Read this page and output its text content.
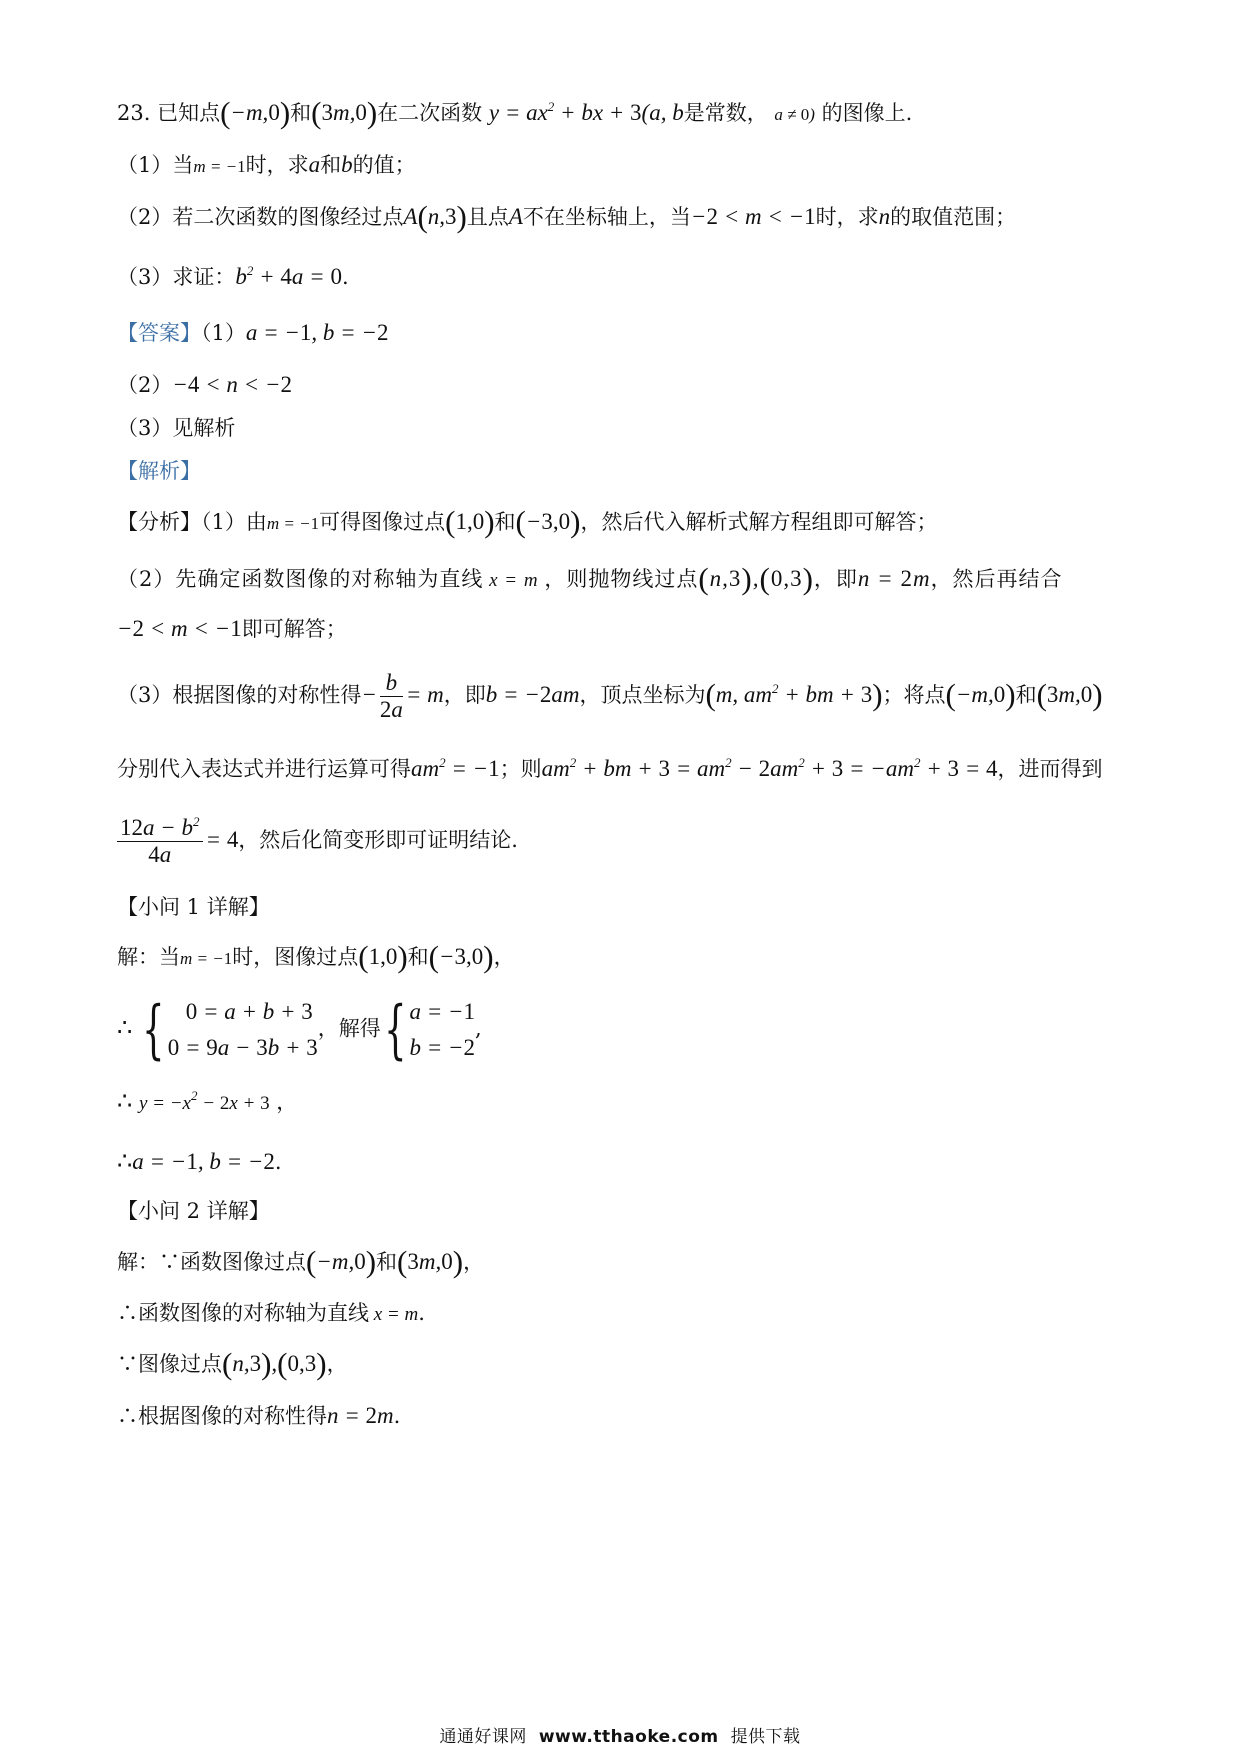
23. 已知点(−m,0)和(3m,0)在二次函数 $y = ax^2$ + bx + 3(a, b是常数， a ≠ 0) 的图像上.
（1）当m = −1时，求a和b的值；
（2）若二次函数的图像经过点A(n,3)且点A不在坐标轴上，当−2 < m < −1时，求n的取值范围；
（3）求证：$b^2 + 4a = 0$.
【答案】（1）a = −1, b = −2
（2）−4 < n < −2
（3）见解析
【解析】
【分析】（1）由m = −1可得图像过点(1,0)和(−3,0)，然后代入解析式解方程组即可解答；
（2）先确定函数图像的对称轴为直线 x = m ，则抛物线过点(n,3),(0,3)，即n = 2m，然后再结合
−2 < m < −1即可解答；
（3）根据图像的对称性得− $\frac{b}{2a} = m$，即b = −2am，顶点坐标为(m, $am^2$ + bm + 3)；将点(−m,0)和(3m,0)
分别代入表达式并进行运算可得$am^2 = -1$；则$am^2$ + bm + $3 = am^2 - 2am^2 + 3 = -am^2 + 3 = 4$，进而得到
$\frac{12a - b^2}{4a} = 4$，然后化简变形即可证明结论.
【小问 1 详解】
解：当m = −1时，图像过点(1,0)和(−3,0)，
∴ { 0 = a + b + 3
0 = 9a − 3b + 3
，解得 { a = −1
b = −2
,
∴ $y = -x^2 - 2x + 3$ ，
∴a = −1, b = −2.
【小问 2 详解】
解：∵函数图像过点(−m,0)和(3m,0)，
∴函数图像的对称轴为直线 x = m.
∵图像过点(n,3),(0,3)，
∴根据图像的对称性得n = 2m.
通通好课网 www.tthaoke.com 提供下载
